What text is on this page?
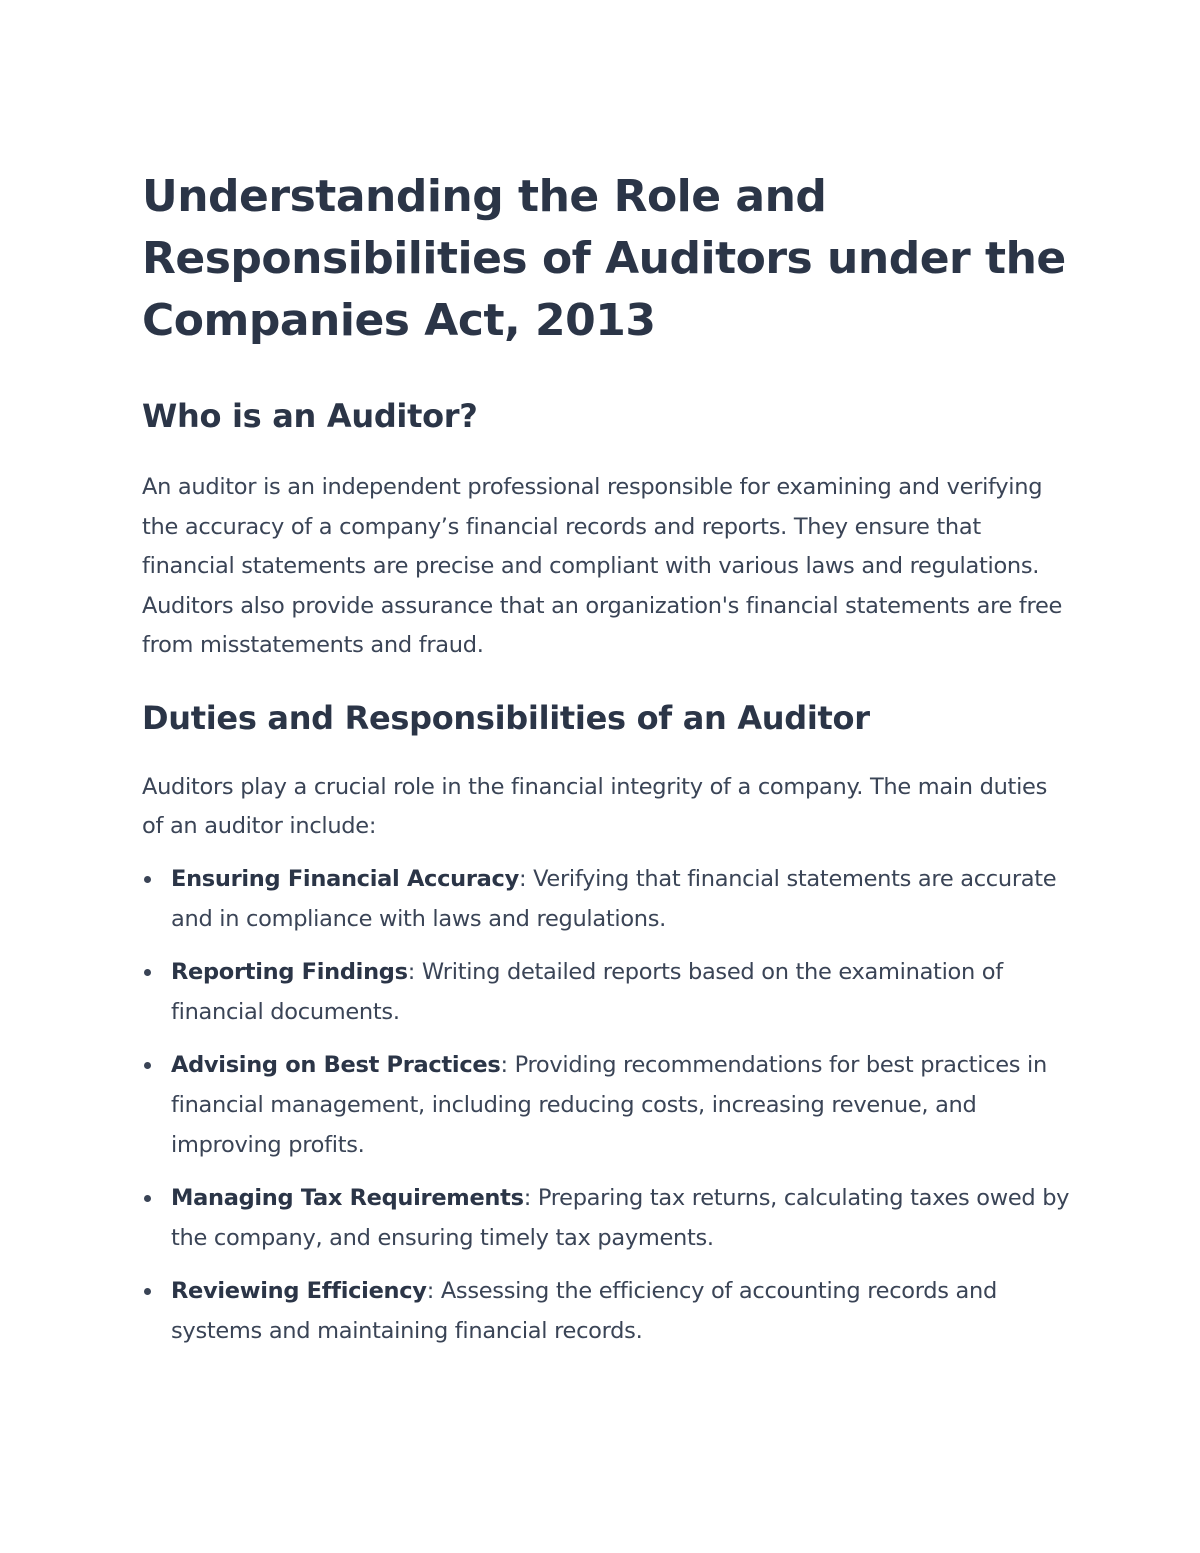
Understanding the Role and Responsibilities of Auditors under the Companies Act, 2013
Who is an Auditor?

An auditor is an independent professional responsible for examining and verifying the accuracy of a company’s financial records and reports. They ensure that financial statements are precise and compliant with various laws and regulations. Auditors also provide assurance that an organization's financial statements are free from misstatements and fraud.

Duties and Responsibilities of an Auditor

Auditors play a crucial role in the financial integrity of a company. The main duties of an auditor include:

Ensuring Financial Accuracy: Verifying that financial statements are accurate and in compliance with laws and regulations.
Reporting Findings: Writing detailed reports based on the examination of financial documents.
Advising on Best Practices: Providing recommendations for best practices in financial management, including reducing costs, increasing revenue, and improving profits.
Managing Tax Requirements: Preparing tax returns, calculating taxes owed by the company, and ensuring timely tax payments.
Reviewing Efficiency: Assessing the efficiency of accounting records and systems and maintaining financial records.
